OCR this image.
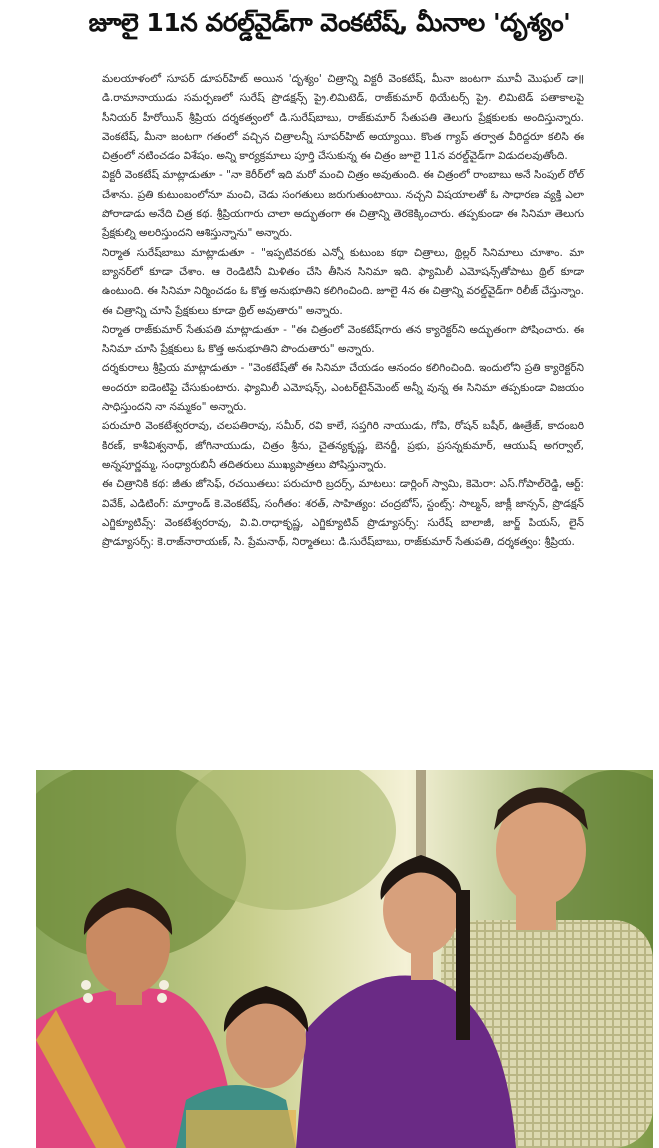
జూలై 11న వరల్డ్‌వైడ్‌గా వెంకటేష్, మీనాల 'దృశ్యం'

మలయాళంలో సూపర్ డూపర్‌హిట్ అయిన 'దృశ్యం' చిత్రాన్ని విక్టరీ వెంకటేష్, మీనా జంటగా మూవీ మొఘల్ డా॥ డి.రామానాయుడు సమర్పణలో సురేష్ ప్రొడక్షన్స్ ప్రై.లిమిటెడ్, రాజ్‌కుమార్ థియేటర్స్ ప్రై. లిమిటెడ్ పతాకాలపై సీనియర్ హీరోయిన్ శ్రీప్రియ దర్శకత్వంలో డి.సురేష్‌బాబు, రాజ్‌కుమార్ సేతుపతి తెలుగు ప్రేక్షకులకు అందిస్తున్నారు. వెంకటేష్, మీనా జంటగా గతంలో వచ్చిన చిత్రాలన్నీ సూపర్‌హిట్ అయ్యాయి. కొంత గ్యాప్ తర్వాత వీరిద్దరూ కలిసి ఈ చిత్రంలో నటించడం విశేషం. అన్ని కార్యక్రమాలు పూర్తి చేసుకున్న ఈ చిత్రం జూలై 11న వరల్డ్‌వైడ్‌గా విడుదలవుతోంది.

విక్టరీ వెంకటేష్ మాట్లాడుతూ - "నా కెరీర్‌లో ఇది మరో మంచి చిత్రం అవుతుంది. ఈ చిత్రంలో రాంబాబు అనే సింపుల్ రోల్ చేశాను. ప్రతి కుటుంబంలోనూ మంచి, చెడు సంగతులు జరుగుతుంటాయి. నచ్చని విషయాలతో ఓ సాధారణ వ్యక్తి ఎలా పోరాడాడు అనేది చిత్ర కథ. శ్రీప్రియగారు చాలా అద్భుతంగా ఈ చిత్రాన్ని తెరకెక్కించారు. తప్పకుండా ఈ సినిమా తెలుగు ప్రేక్షకుల్ని అలరిస్తుందని ఆశిస్తున్నాను" అన్నారు.

నిర్మాత సురేష్‌బాబు మాట్లాడుతూ - "ఇప్పటివరకు ఎన్నో కుటుంబ కథా చిత్రాలు, థ్రిల్లర్ సినిమాలు చూశాం. మా బ్యానర్‌లో కూడా చేశాం. ఆ రెండిటినీ మిళితం చేసి తీసిన సినిమా ఇది. ఫ్యామిలీ ఎమోషన్స్‌తోపాటు థ్రిల్ కూడా ఉంటుంది. ఈ సినిమా నిర్మించడం ఓ కొత్త అనుభూతిని కలిగించింది. జూలై 4న ఈ చిత్రాన్ని వరల్డ్‌వైడ్‌గా రిలీజ్ చేస్తున్నాం. ఈ చిత్రాన్ని చూసి ప్రేక్షకులు కూడా థ్రిల్ అవుతారు" అన్నారు.

నిర్మాత రాజ్‌కుమార్ సేతుపతి మాట్లాడుతూ - "ఈ చిత్రంలో వెంకటేష్‌గారు తన క్యారెక్టర్‌ని అద్భుతంగా పోషించారు. ఈ సినిమా చూసి ప్రేక్షకులు ఓ కొత్త అనుభూతిని పొందుతారు" అన్నారు.

దర్శకురాలు శ్రీప్రియ మాట్లాడుతూ - "వెంకటేష్‌తో ఈ సినిమా చేయడం ఆనందం కలిగించింది. ఇందులోని ప్రతి క్యారెక్టర్‌ని అందరూ ఐడెంటిఫై చేసుకుంటారు. ఫ్యామిలీ ఎమోషన్స్, ఎంటర్‌టైన్‌మెంట్ అన్నీ వున్న ఈ సినిమా తప్పకుండా విజయం సాధిస్తుందని నా నమ్మకం" అన్నారు.

పరుచూరి వెంకటేశ్వరరావు, చలపతిరావు, సమీర్, రవి కాలే, సప్తగిరి నాయుడు, గోపి, రోషన్ బషీర్, ఊత్రేజ్, కాదంబరి కిరణ్, కాశీవిశ్వనాథ్, జోగినాయుడు, చిత్రం శ్రీను, చైతన్యకృష్ణ, బెనర్జీ, ప్రభు, ప్రసన్నకుమార్, ఆయుష్ అగర్వాల్, అన్నపూర్ణమ్మ, సంధ్యారుబినీ తదితరులు ముఖ్యపాత్రలు పోషిస్తున్నారు.

ఈ చిత్రానికి కథ: జీతు జోసెఫ్, రచయితలు: పరుచూరి బ్రదర్స్, మాటలు: డార్లింగ్ స్వామి, కెమెరా: ఎస్.గోపాల్‌రెడ్డి, ఆర్ట్: వివేక్, ఎడిటింగ్: మార్తాండ్ కె.వెంకటేష్, సంగీతం: శరత్, సాహిత్యం: చంద్రబోస్, స్టంట్స్: సాల్మన్, జాక్లీ జాన్సన్, ప్రొడక్షన్ ఎగ్జిక్యూటివ్స్: వెంకటేశ్వరరావు, వి.వి.రాధాకృష్ణ, ఎగ్జిక్యూటివ్ ప్రొడ్యూసర్స్: సురేష్ బాలాజీ, జార్జ్ పియస్, లైన్ ప్రొడ్యూసర్స్: కె.రాజ్‌నారాయణ్, సి. ప్రేమనాథ్, నిర్మాతలు: డి.సురేష్‌బాబు, రాజ్‌కుమార్ సేతుపతి, దర్శకత్వం: శ్రీప్రియ.
